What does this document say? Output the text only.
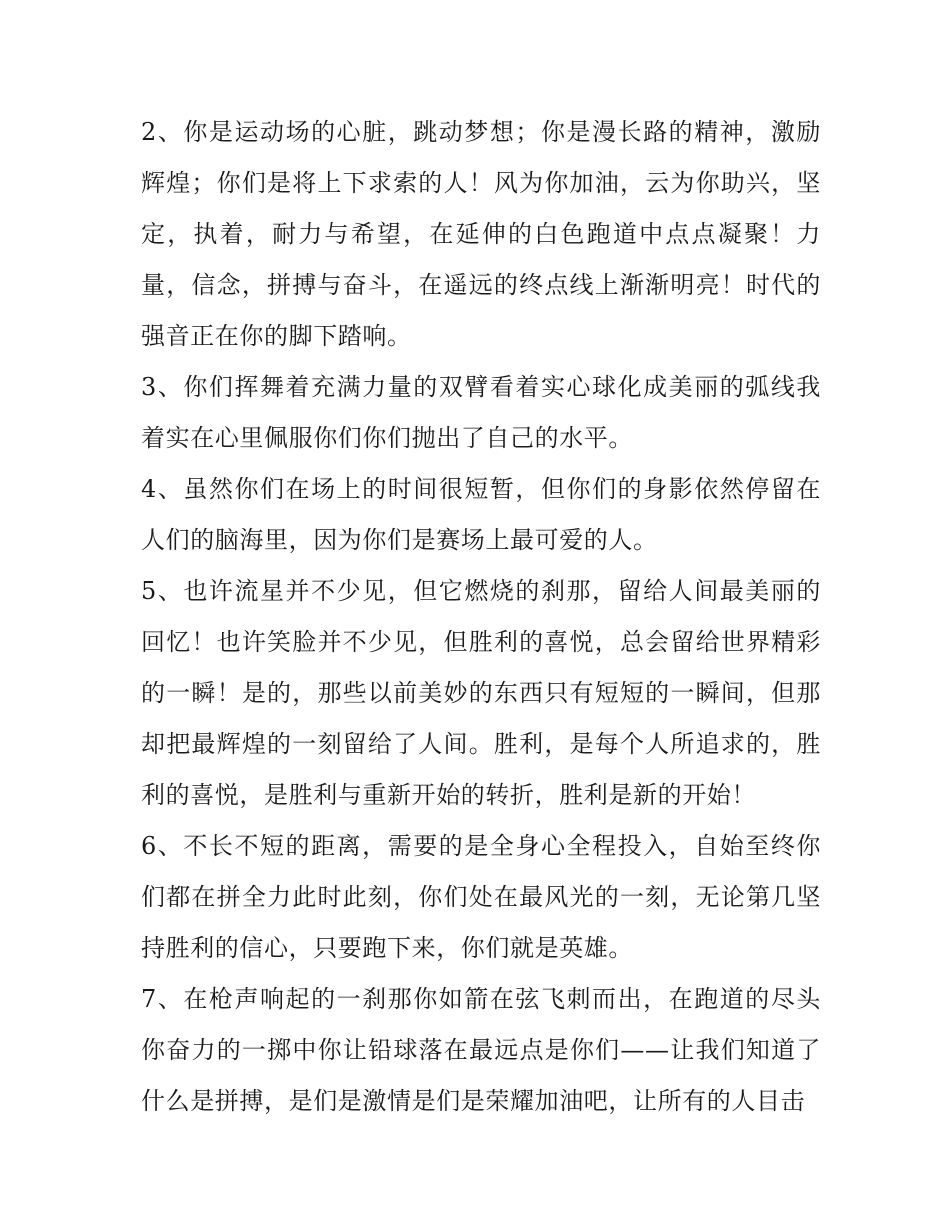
2、你是运动场的心脏，跳动梦想；你是漫长路的精神，激励辉煌；你们是将上下求索的人！风为你加油，云为你助兴，坚定，执着，耐力与希望，在延伸的白色跑道中点点凝聚！力量，信念，拼搏与奋斗，在遥远的终点线上渐渐明亮！时代的强音正在你的脚下踏响。

3、你们挥舞着充满力量的双臂看着实心球化成美丽的弧线我着实在心里佩服你们你们抛出了自己的水平。

4、虽然你们在场上的时间很短暂，但你们的身影依然停留在人们的脑海里，因为你们是赛场上最可爱的人。

5、也许流星并不少见，但它燃烧的刹那，留给人间最美丽的回忆！也许笑脸并不少见，但胜利的喜悦，总会留给世界精彩的一瞬！是的，那些以前美妙的东西只有短短的一瞬间，但那却把最辉煌的一刻留给了人间。胜利，是每个人所追求的，胜利的喜悦，是胜利与重新开始的转折，胜利是新的开始！

6、不长不短的距离，需要的是全身心全程投入，自始至终你们都在拼全力此时此刻，你们处在最风光的一刻，无论第几坚持胜利的信心，只要跑下来，你们就是英雄。

7、在枪声响起的一刹那你如箭在弦飞刺而出，在跑道的尽头你奋力的一掷中你让铅球落在最远点是你们——让我们知道了什么是拼搏，是们是激情是们是荣耀加油吧，让所有的人目击
